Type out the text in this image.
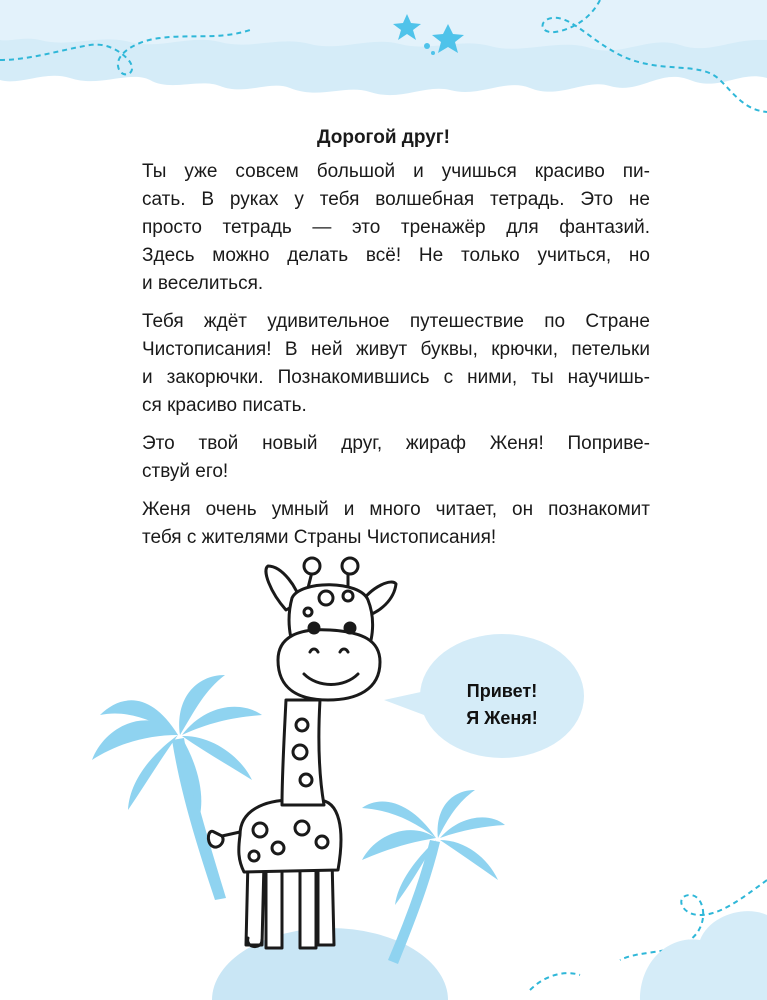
Дорогой друг!

Ты уже совсем большой и учишься красиво пи-
сать. В руках у тебя волшебная тетрадь. Это не
просто тетрадь — это тренажёр для фантазий.
Здесь можно делать всё! Не только учиться, но
и веселиться.

Тебя ждёт удивительное путешествие по Стране
Чистописания! В ней живут буквы, крючки, петельки
и закорючки. Познакомившись с ними, ты научишь-
ся красиво писать.

Это твой новый друг, жираф Женя! Поприве-
ствуй его!

Женя очень умный и много читает, он познакомит
тебя с жителями Страны Чистописания!

Привет!
Я Женя!
